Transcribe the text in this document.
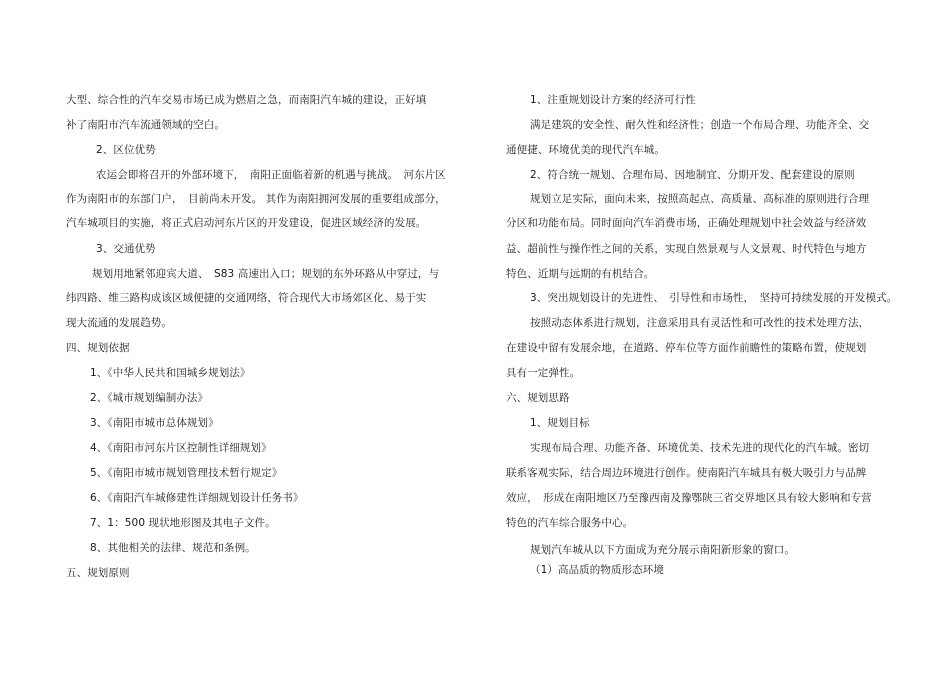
大型、综合性的汽车交易市场已成为燃眉之急，而南阳汽车城的建设，正好填
补了南阳市汽车流通领域的空白。
2、区位优势
农运会即将召开的外部环境下，　南阳正面临着新的机遇与挑战。　河东片区
作为南阳市的东部门户，　目前尚未开发。 其作为南阳拥河发展的重要组成部分，
汽车城项目的实施，将正式启动河东片区的开发建设，促进区域经济的发展。
3、交通优势
规划用地紧邻迎宾大道、　S83 高速出入口；规划的东外环路从中穿过，与
纬四路、维三路构成该区域便捷的交通网络，符合现代大市场郊区化、易于实
现大流通的发展趋势。
四、规划依据
1、《中华人民共和国城乡规划法》
2、《城市规划编制办法》
3、《南阳市城市总体规划》
4、《南阳市河东片区控制性详细规划》
5、《南阳市城市规划管理技术暂行规定》
6、《南阳汽车城修建性详细规划设计任务书》
7、1：500 现状地形图及其电子文件。
8、其他相关的法律、规范和条例。
五、规划原则
1、注重规划设计方案的经济可行性
满足建筑的安全性、耐久性和经济性；创造一个布局合理、功能齐全、交
通便捷、环境优美的现代汽车城。
2、符合统一规划、合理布局、因地制宜、分期开发、配套建设的原则
规划立足实际，面向未来，按照高起点、高质量、高标准的原则进行合理
分区和功能布局。同时面向汽车消费市场，正确处理规划中社会效益与经济效
益、超前性与操作性之间的关系，实现自然景观与人文景观、时代特色与地方
特色、近期与远期的有机结合。
3、突出规划设计的先进性、　引导性和市场性，　坚持可持续发展的开发模式。
按照动态体系进行规划，注意采用具有灵活性和可改性的技术处理方法，
在建设中留有发展余地，在道路、停车位等方面作前瞻性的策略布置，使规划
具有一定弹性。
六、规划思路
1、规划目标
实现布局合理、功能齐备、环境优美、技术先进的现代化的汽车城。密切
联系客观实际，结合周边环境进行创作。使南阳汽车城具有极大吸引力与品牌
效应，　形成在南阳地区乃至豫西南及豫鄂陕三省交界地区具有较大影响和专营
特色的汽车综合服务中心。
规划汽车城从以下方面成为充分展示南阳新形象的窗口。
（1）高品质的物质形态环境
